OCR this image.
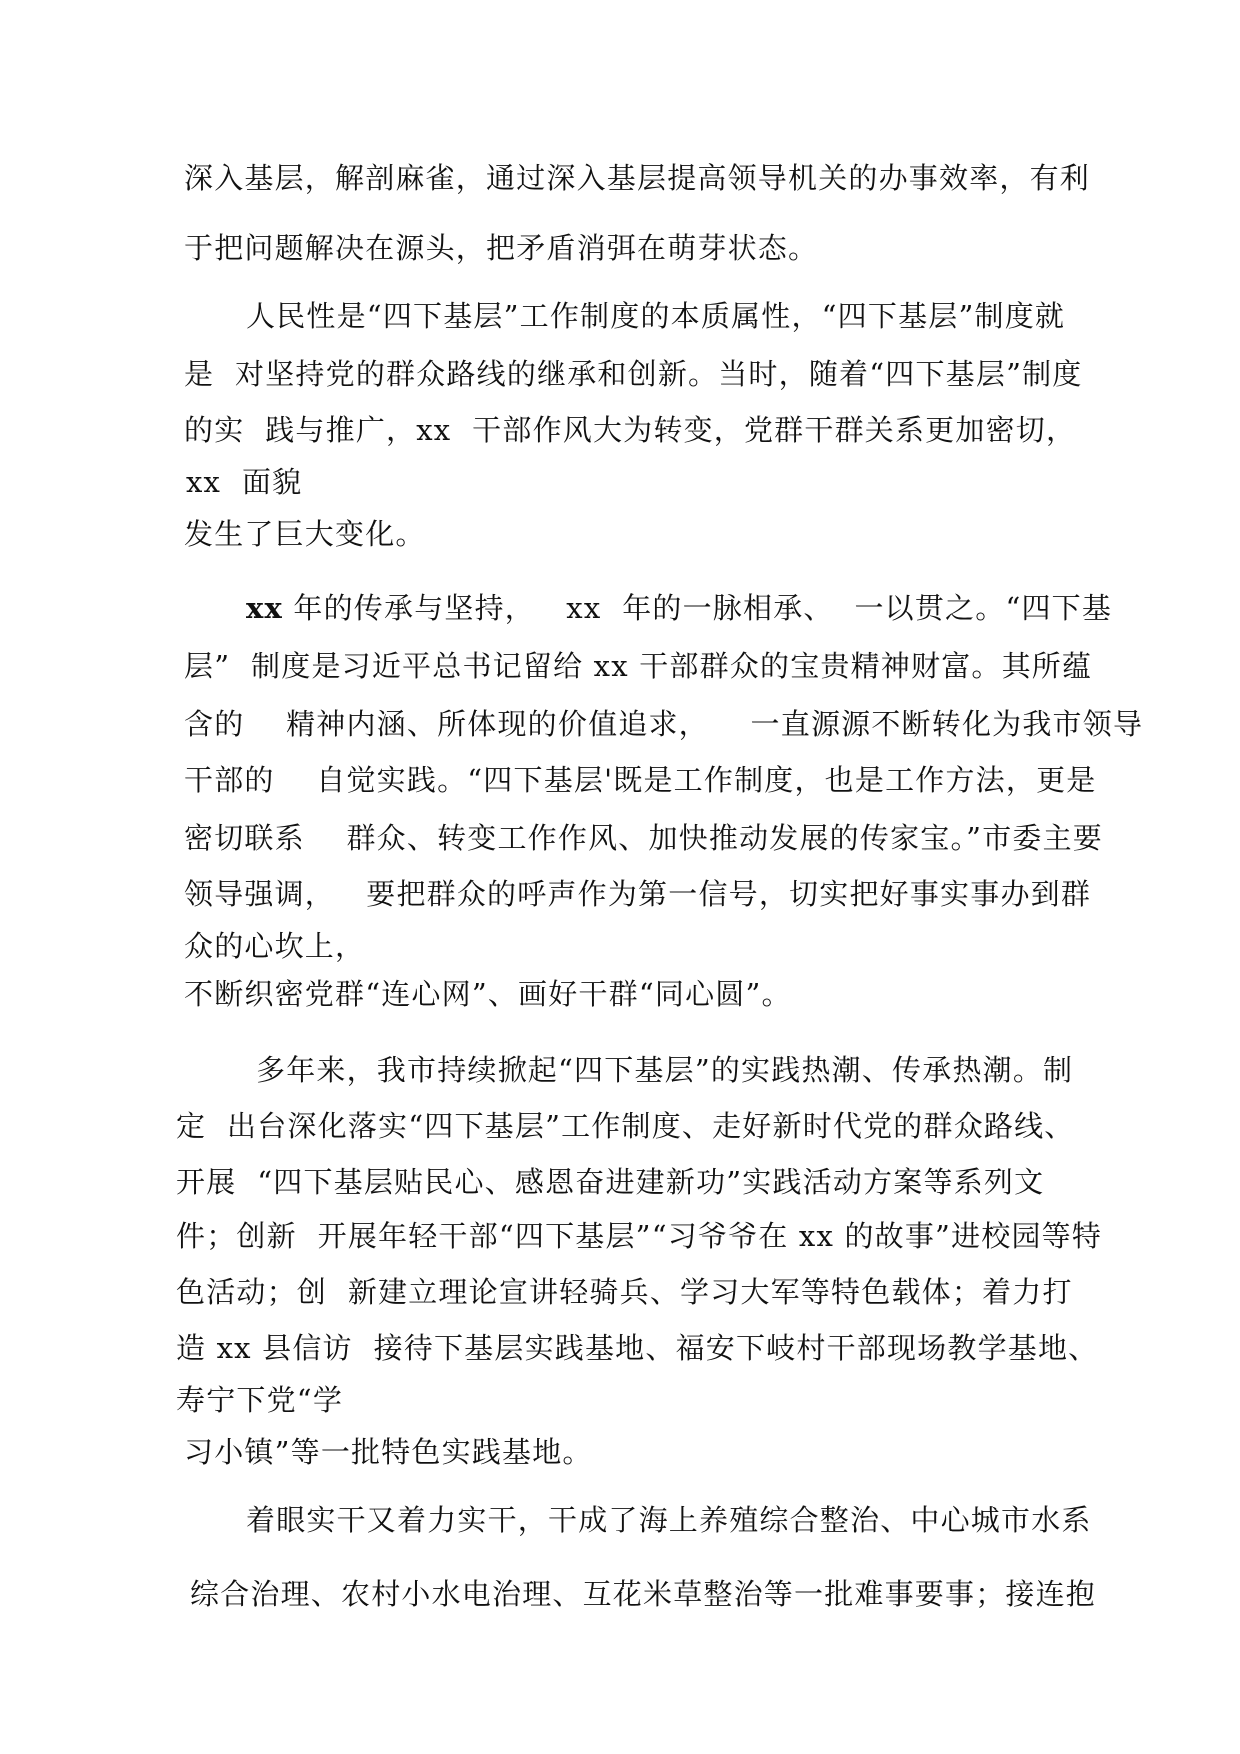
深入基层，解剖麻雀，通过深入基层提高领导机关的办事效率，有利
于把问题解决在源头，把矛盾消弭在萌芽状态。
人民性是“四下基层”工作制度的本质属性，“四下基层”制度就
是  对坚持党的群众路线的继承和创新。当时，随着“四下基层”制度
的实  践与推广，xx  干部作风大为转变，党群干群关系更加密切，
xx  面貌
发生了巨大变化。
xx 年的传承与坚持，   xx  年的一脉相承、  一以贯之。“四下基
层”  制度是习近平总书记留给 xx 干部群众的宝贵精神财富。其所蕴
含的    精神内涵、所体现的价值追求，    一直源源不断转化为我市领导
干部的    自觉实践。“四下基层'既是工作制度，也是工作方法，更是
密切联系    群众、转变工作作风、加快推动发展的传家宝。”市委主要
领导强调，   要把群众的呼声作为第一信号，切实把好事实事办到群
众的心坎上，
不断织密党群“连心网”、画好干群“同心圆”。
多年来，我市持续掀起“四下基层”的实践热潮、传承热潮。制
定  出台深化落实“四下基层”工作制度、走好新时代党的群众路线、
开展  “四下基层贴民心、感恩奋进建新功”实践活动方案等系列文
件；创新  开展年轻干部“四下基层”“习爷爷在 xx 的故事”进校园等特
色活动；创  新建立理论宣讲轻骑兵、学习大军等特色载体；着力打
造 xx 县信访  接待下基层实践基地、福安下岐村干部现场教学基地、
寿宁下党“学
习小镇”等一批特色实践基地。
着眼实干又着力实干，干成了海上养殖综合整治、中心城市水系
综合治理、农村小水电治理、互花米草整治等一批难事要事；接连抱
